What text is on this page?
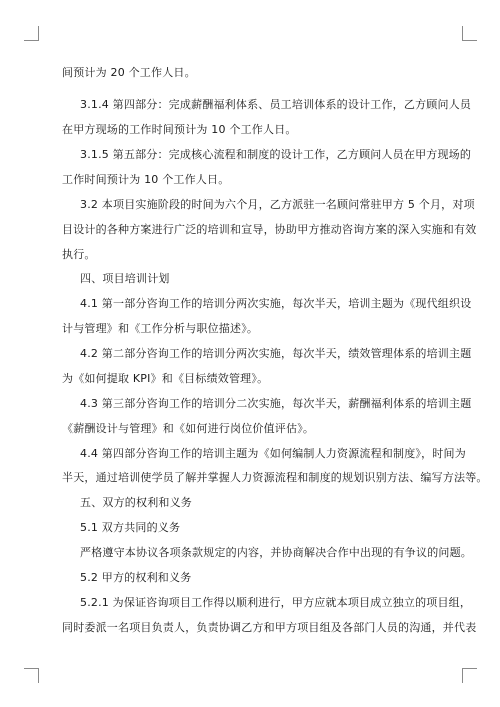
间预计为 20 个工作人日。
3.1.4 第四部分：完成薪酬福利体系、员工培训体系的设计工作，乙方顾问人员
在甲方现场的工作时间预计为 10 个工作人日。
3.1.5 第五部分：完成核心流程和制度的设计工作，乙方顾问人员在甲方现场的
工作时间预计为 10 个工作人日。
3.2 本项目实施阶段的时间为六个月，乙方派驻一名顾问常驻甲方 5 个月，对项
目设计的各种方案进行广泛的培训和宣导，协助甲方推动咨询方案的深入实施和有效
执行。
四、项目培训计划
4.1 第一部分咨询工作的培训分两次实施，每次半天，培训主题为《现代组织设
计与管理》和《工作分析与职位描述》。
4.2 第二部分咨询工作的培训分两次实施，每次半天，绩效管理体系的培训主题
为《如何提取 KPI》和《目标绩效管理》。
4.3 第三部分咨询工作的培训分二次实施，每次半天，薪酬福利体系的培训主题
《薪酬设计与管理》和《如何进行岗位价值评估》。
4.4 第四部分咨询工作的培训主题为《如何编制人力资源流程和制度》，时间为
半天，通过培训使学员了解并掌握人力资源流程和制度的规划识别方法、编写方法等。
五、双方的权利和义务
5.1 双方共同的义务
严格遵守本协议各项条款规定的内容，并协商解决合作中出现的有争议的问题。
5.2 甲方的权利和义务
5.2.1 为保证咨询项目工作得以顺利进行，甲方应就本项目成立独立的项目组，
同时委派一名项目负责人，负责协调乙方和甲方项目组及各部门人员的沟通，并代表
